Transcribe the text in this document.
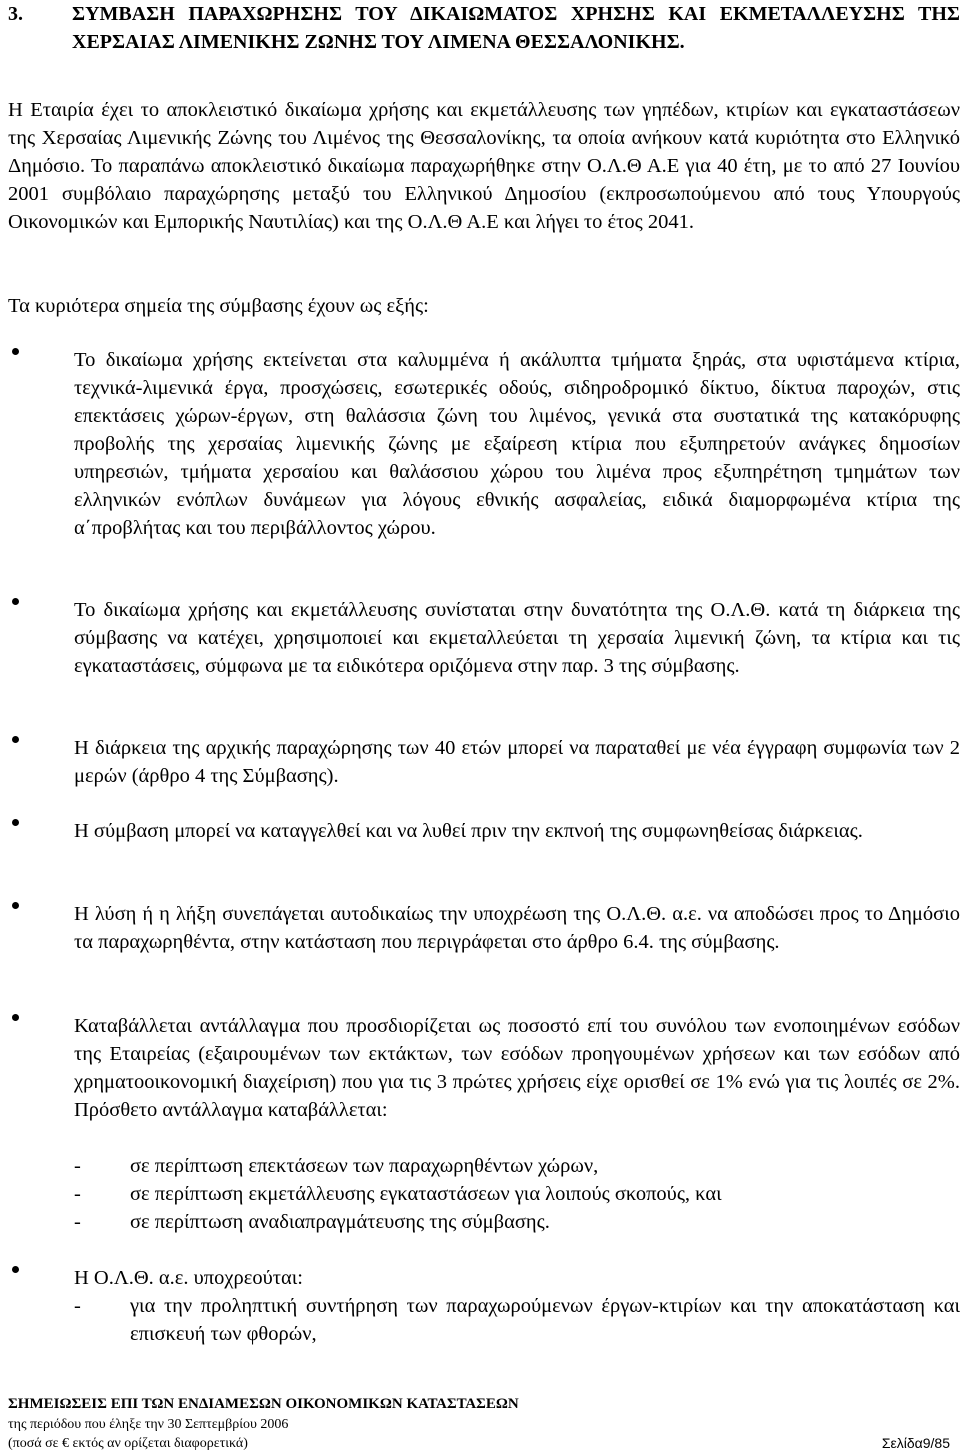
3.	ΣΥΜΒΑΣΗ ΠΑΡΑΧΩΡΗΣΗΣ ΤΟΥ ΔΙΚΑΙΩΜΑΤΟΣ ΧΡΗΣΗΣ ΚΑΙ ΕΚΜΕΤΑΛΛΕΥΣΗΣ ΤΗΣ ΧΕΡΣΑΙΑΣ ΛΙΜΕΝΙΚΗΣ ΖΩΝΗΣ ΤΟΥ ΛΙΜΕΝΑ ΘΕΣΣΑΛΟΝΙΚΗΣ.

Η Εταιρία έχει το αποκλειστικό δικαίωμα χρήσης και εκμετάλλευσης των γηπέδων, κτιρίων και εγκαταστάσεων της Χερσαίας Λιμενικής Ζώνης του Λιμένος της Θεσσαλονίκης, τα οποία ανήκουν κατά κυριότητα στο Ελληνικό Δημόσιο. Το παραπάνω αποκλειστικό δικαίωμα παραχωρήθηκε στην Ο.Λ.Θ Α.Ε για 40 έτη, με το από 27 Ιουνίου 2001 συμβόλαιο παραχώρησης μεταξύ του Ελληνικού Δημοσίου (εκπροσωπούμενου από τους Υπουργούς Οικονομικών και Εμπορικής Ναυτιλίας) και της Ο.Λ.Θ Α.Ε και λήγει το έτος 2041.

Τα κυριότερα σημεία της σύμβασης έχουν ως εξής:

Το δικαίωμα χρήσης εκτείνεται στα καλυμμένα ή ακάλυπτα τμήματα ξηράς, στα υφιστάμενα κτίρια, τεχνικά-λιμενικά έργα, προσχώσεις, εσωτερικές οδούς, σιδηροδρομικό δίκτυο, δίκτυα παροχών, στις επεκτάσεις χώρων-έργων, στη θαλάσσια ζώνη του λιμένος, γενικά στα συστατικά της κατακόρυφης προβολής της χερσαίας λιμενικής ζώνης με εξαίρεση κτίρια που εξυπηρετούν ανάγκες δημοσίων υπηρεσιών, τμήματα χερσαίου και θαλάσσιου χώρου του λιμένα προς εξυπηρέτηση τμημάτων των ελληνικών ενόπλων δυνάμεων για λόγους εθνικής ασφαλείας, ειδικά διαμορφωμένα κτίρια της α΄προβλήτας και του περιβάλλοντος χώρου.

Το δικαίωμα χρήσης και εκμετάλλευσης συνίσταται στην δυνατότητα της Ο.Λ.Θ. κατά τη διάρκεια της σύμβασης να κατέχει, χρησιμοποιεί και εκμεταλλεύεται τη χερσαία λιμενική ζώνη, τα κτίρια και τις εγκαταστάσεις, σύμφωνα με τα ειδικότερα οριζόμενα στην παρ. 3 της σύμβασης.

Η διάρκεια της αρχικής παραχώρησης των 40 ετών μπορεί να παραταθεί με νέα έγγραφη συμφωνία των 2 μερών (άρθρο 4 της Σύμβασης).

Η σύμβαση μπορεί να καταγγελθεί και να λυθεί πριν την εκπνοή της συμφωνηθείσας διάρκειας.

Η λύση ή η λήξη συνεπάγεται αυτοδικαίως την υποχρέωση της Ο.Λ.Θ. α.ε. να αποδώσει προς το Δημόσιο τα παραχωρηθέντα, στην κατάσταση που περιγράφεται στο άρθρο 6.4. της σύμβασης.

Καταβάλλεται αντάλλαγμα που προσδιορίζεται ως ποσοστό επί του συνόλου των ενοποιημένων εσόδων της Εταιρείας (εξαιρουμένων των εκτάκτων, των εσόδων προηγουμένων χρήσεων και των εσόδων από χρηματοοικονομική διαχείριση) που για τις 3 πρώτες χρήσεις είχε ορισθεί σε 1% ενώ για τις λοιπές σε 2%. Πρόσθετο αντάλλαγμα καταβάλλεται:

-	σε περίπτωση επεκτάσεων των παραχωρηθέντων χώρων,
-	σε περίπτωση εκμετάλλευσης εγκαταστάσεων για λοιπούς σκοπούς, και
-	σε περίπτωση αναδιαπραγμάτευσης της σύμβασης.

Η Ο.Λ.Θ. α.ε. υποχρεούται:

-	για την προληπτική συντήρηση των παραχωρούμενων έργων-κτιρίων και την αποκατάσταση και επισκευή των φθορών,
ΣΗΜΕΙΩΣΕΙΣ ΕΠΙ ΤΩΝ ΕΝΔΙΑΜΕΣΩΝ ΟΙΚΟΝΟΜΙΚΩΝ ΚΑΤΑΣΤΑΣΕΩΝ
της περιόδου που έληξε την 30 Σεπτεμβρίου 2006
(ποσά σε € εκτός αν ορίζεται διαφορετικά)	Σελίδα9/85
